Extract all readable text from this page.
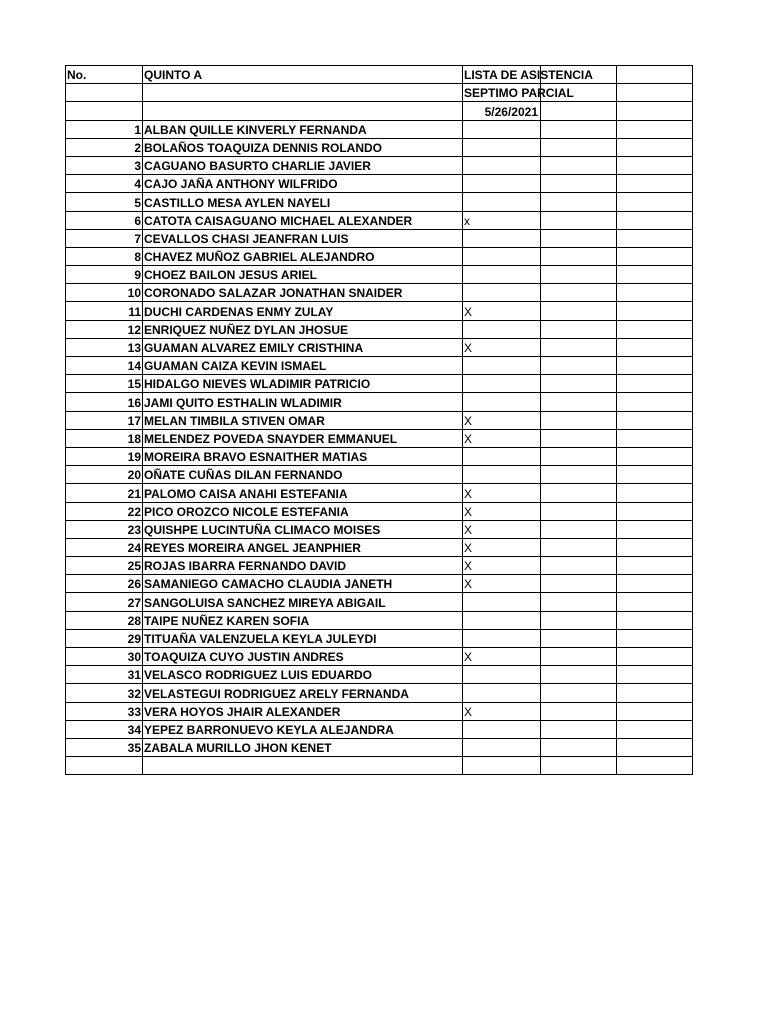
No.	QUINTO A	LISTA DE ASISTENCIA		
		SEPTIMO PARCIAL		
		5/26/2021		
1	ALBAN QUILLE KINVERLY FERNANDA			
2	BOLAÑOS TOAQUIZA DENNIS ROLANDO			
3	CAGUANO BASURTO CHARLIE JAVIER			
4	CAJO JAÑA ANTHONY WILFRIDO			
5	CASTILLO MESA AYLEN NAYELI			
6	CATOTA CAISAGUANO MICHAEL ALEXANDER	x		
7	CEVALLOS CHASI JEANFRAN LUIS			
8	CHAVEZ MUÑOZ GABRIEL ALEJANDRO			
9	CHOEZ BAILON JESUS ARIEL			
10	CORONADO SALAZAR JONATHAN SNAIDER			
11	DUCHI CARDENAS ENMY ZULAY	X		
12	ENRIQUEZ NUÑEZ DYLAN JHOSUE			
13	GUAMAN ALVAREZ EMILY CRISTHINA	X		
14	GUAMAN CAIZA KEVIN ISMAEL			
15	HIDALGO NIEVES WLADIMIR PATRICIO			
16	JAMI QUITO ESTHALIN WLADIMIR			
17	MELAN TIMBILA STIVEN OMAR	X		
18	MELENDEZ POVEDA SNAYDER EMMANUEL	X		
19	MOREIRA BRAVO ESNAITHER MATIAS			
20	OÑATE CUÑAS DILAN FERNANDO			
21	PALOMO CAISA ANAHI ESTEFANIA	X		
22	PICO OROZCO NICOLE ESTEFANIA	X		
23	QUISHPE LUCINTUÑA CLIMACO MOISES	X		
24	REYES MOREIRA ANGEL JEANPHIER	X		
25	ROJAS IBARRA FERNANDO DAVID	X		
26	SAMANIEGO CAMACHO CLAUDIA JANETH	X		
27	SANGOLUISA SANCHEZ MIREYA ABIGAIL			
28	TAIPE NUÑEZ KAREN SOFIA			
29	TITUAÑA VALENZUELA KEYLA JULEYDI			
30	TOAQUIZA CUYO JUSTIN ANDRES	X		
31	VELASCO RODRIGUEZ LUIS EDUARDO			
32	VELASTEGUI RODRIGUEZ ARELY FERNANDA			
33	VERA HOYOS JHAIR ALEXANDER	X		
34	YEPEZ BARRONUEVO KEYLA ALEJANDRA			
35	ZABALA MURILLO JHON KENET			
